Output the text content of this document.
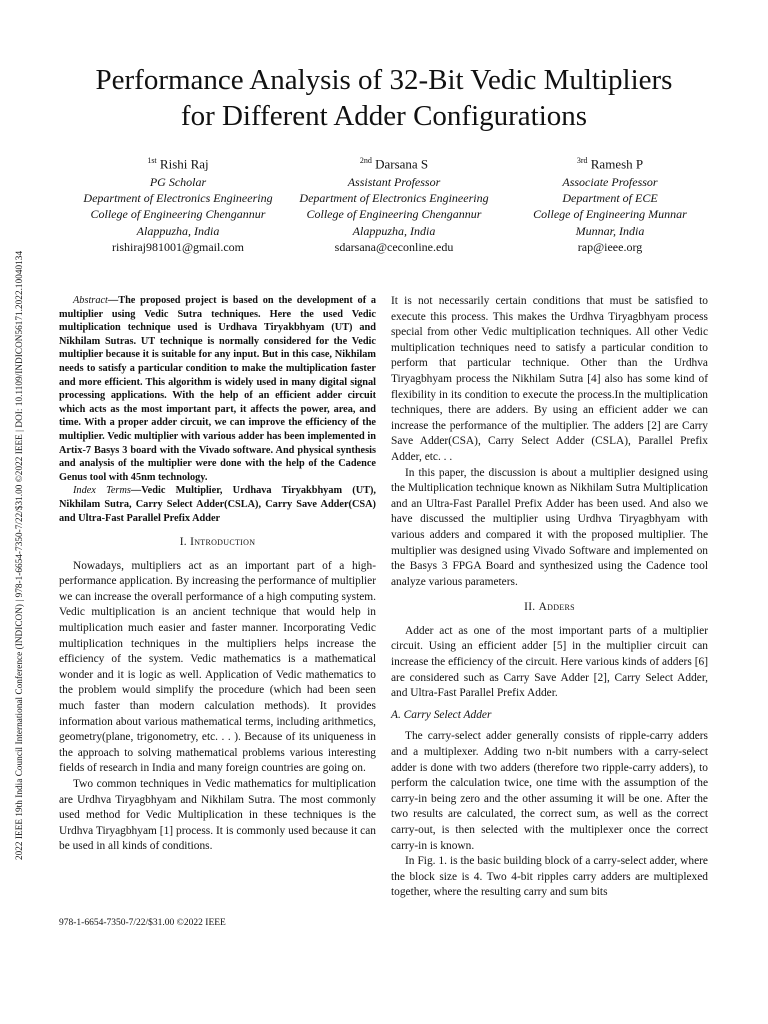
2022 IEEE 19th India Council International Conference (INDICON) | 978-1-6654-7350-7/22/$31.00 ©2022 IEEE | DOI: 10.1109/INDICON56171.2022.10040134
Performance Analysis of 32-Bit Vedic Multipliers
for Different Adder Configurations
$^{1st}$ Rishi Raj
PG Scholar
Department of Electronics Engineering
College of Engineering Chengannur
Alappuzha, India
rishiraj981001@gmail.com
$^{2nd}$ Darsana S
Assistant Professor
Department of Electronics Engineering
College of Engineering Chengannur
Alappuzha, India
sdarsana@ceconline.edu
$^{3rd}$ Ramesh P
Associate Professor
Department of ECE
College of Engineering Munnar
Munnar, India
rap@ieee.org

Abstract—The proposed project is based on the development of a multiplier using Vedic Sutra techniques. Here the used Vedic multiplication technique used is Urdhava Tiryakbhyam (UT) and Nikhilam Sutras. UT technique is normally considered for the Vedic multiplier because it is suitable for any input. But in this case, Nikhilam needs to satisfy a particular condition to make the multiplication faster and more efficient. This algorithm is widely used in many digital signal processing applications. With the help of an efficient adder circuit which acts as the most important part, it affects the power, area, and time. With a proper adder circuit, we can improve the efficiency of the multiplier. Vedic multiplier with various adder has been implemented in Artix-7 Basys 3 board with the Vivado software. And physical synthesis and analysis of the multiplier were done with the help of the Cadence Genus tool with 45nm technology.

Index Terms—Vedic Multiplier, Urdhava Tiryakbhyam (UT), Nikhilam Sutra, Carry Select Adder(CSLA), Carry Save Adder(CSA) and Ultra-Fast Parallel Prefix Adder

I. Introduction

Nowadays, multipliers act as an important part of a high-performance application. By increasing the performance of multiplier we can increase the overall performance of a high computing system. Vedic multiplication is an ancient technique that would help in multiplication much easier and faster manner. Incorporating Vedic multiplication techniques in the multipliers helps increase the efficiency of the system. Vedic mathematics is a mathematical wonder and it is logic as well. Application of Vedic mathematics to the problem would simplify the procedure (which had been seen much faster than modern calculation methods). It provides information about various mathematical terms, including arithmetics, geometry(plane, trigonometry, etc. . . ). Because of its uniqueness in the approach to solving mathematical problems various interesting fields of research in India and many foreign countries are going on.

Two common techniques in Vedic mathematics for multiplication are Urdhva Tiryagbhyam and Nikhilam Sutra. The most commonly used method for Vedic Multiplication in these techniques is the Urdhva Tiryagbhyam [1] process. It is commonly used because it can be used in all kinds of conditions.

It is not necessarily certain conditions that must be satisfied to execute this process. This makes the Urdhva Tiryagbhyam process special from other Vedic multiplication techniques. All other Vedic multiplication techniques need to satisfy a particular condition to perform that particular technique. Other than the Urdhva Tiryagbhyam process the Nikhilam Sutra [4] also has some kind of flexibility in its condition to execute the process.In the multiplication techniques, there are adders. By using an efficient adder we can increase the performance of the multiplier. The adders [2] are Carry Save Adder(CSA), Carry Select Adder (CSLA), Parallel Prefix Adder, etc. . .

In this paper, the discussion is about a multiplier designed using the Multiplication technique known as Nikhilam Sutra Multiplication and an Ultra-Fast Parallel Prefix Adder has been used. And also we have discussed the multiplier using Urdhva Tiryagbhyam with various adders and compared it with the proposed multiplier. The multiplier was designed using Vivado Software and implemented on the Basys 3 FPGA Board and synthesized using the Cadence tool analyze various parameters.

II. Adders

Adder act as one of the most important parts of a multiplier circuit. Using an efficient adder [5] in the multiplier circuit can increase the efficiency of the circuit. Here various kinds of adders [6] are considered such as Carry Save Adder [2], Carry Select Adder, and Ultra-Fast Parallel Prefix Adder.

A. Carry Select Adder

The carry-select adder generally consists of ripple-carry adders and a multiplexer. Adding two n-bit numbers with a carry-select adder is done with two adders (therefore two ripple-carry adders), to perform the calculation twice, one time with the assumption of the carry-in being zero and the other assuming it will be one. After the two results are calculated, the correct sum, as well as the correct carry-out, is then selected with the multiplexer once the correct carry-in is known.

In Fig. 1. is the basic building block of a carry-select adder, where the block size is 4. Two 4-bit ripples carry adders are multiplexed together, where the resulting carry and sum bits

978-1-6654-7350-7/22/$31.00 ©2022 IEEE
